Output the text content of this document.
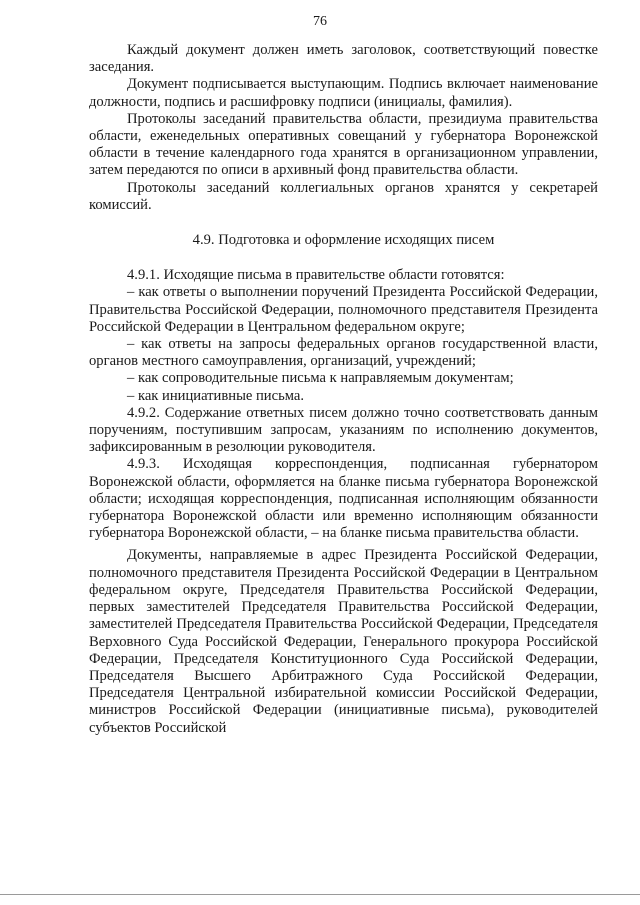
76

Каждый документ должен иметь заголовок, соответствующий повестке заседания.

Документ подписывается выступающим. Подпись включает наименование должности, подпись и расшифровку подписи (инициалы, фамилия).

Протоколы заседаний правительства области, президиума правительства области, еженедельных оперативных совещаний у губернатора Воронежской области в течение календарного года хранятся в организационном управлении, затем передаются по описи в архивный фонд правительства области.

Протоколы заседаний коллегиальных органов хранятся у секретарей комиссий.

4.9. Подготовка и оформление исходящих писем

4.9.1. Исходящие письма в правительстве области готовятся:

– как ответы о выполнении поручений Президента Российской Федерации, Правительства Российской Федерации, полномочного представителя Президента Российской Федерации в Центральном федеральном округе;

– как ответы на запросы федеральных органов государственной власти, органов местного самоуправления, организаций, учреждений;

– как сопроводительные письма к направляемым документам;

– как инициативные письма.

4.9.2. Содержание ответных писем должно точно соответствовать данным поручениям, поступившим запросам, указаниям по исполнению документов, зафиксированным в резолюции руководителя.

4.9.3. Исходящая корреспонденция, подписанная губернатором Воронежской области, оформляется на бланке письма губернатора Воронежской области; исходящая корреспонденция, подписанная исполняющим обязанности губернатора Воронежской области или временно исполняющим обязанности губернатора Воронежской области, – на бланке письма правительства области.

Документы, направляемые в адрес Президента Российской Федерации, полномочного представителя Президента Российской Федерации в Центральном федеральном округе, Председателя Правительства Российской Федерации, первых заместителей Председателя Правительства Российской Федерации, заместителей Председателя Правительства Российской Федерации, Председателя Верховного Суда Российской Федерации, Генерального прокурора Российской Федерации, Председателя Конституционного Суда Российской Федерации, Председателя Высшего Арбитражного Суда Российской Федерации, Председателя Центральной избирательной комиссии Российской Федерации, министров Российской Федерации (инициативные письма), руководителей субъектов Российской
